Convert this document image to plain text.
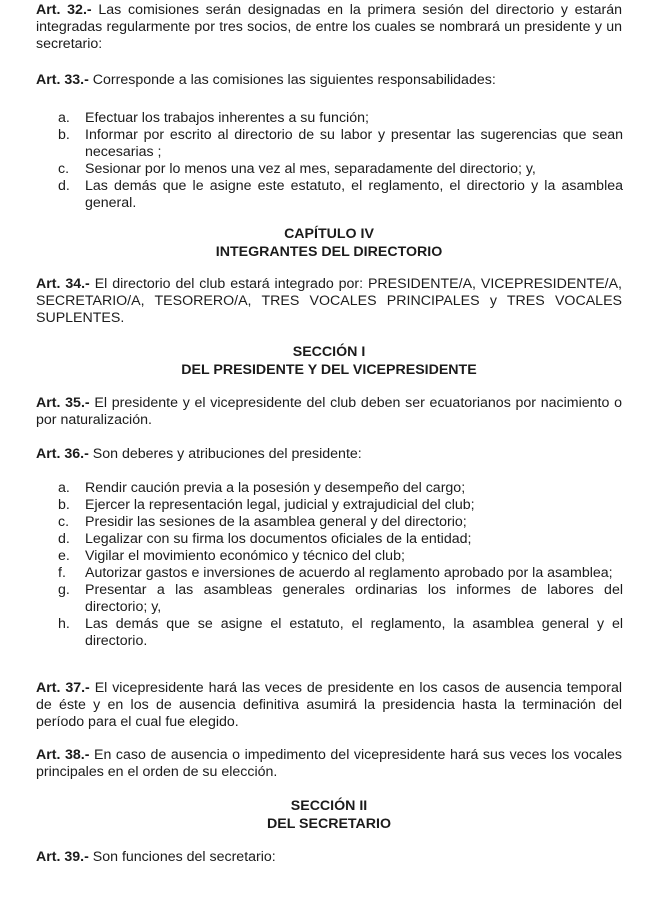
Art. 32.- Las comisiones serán designadas en la primera sesión del directorio y estarán integradas regularmente por tres socios, de entre los cuales se nombrará un presidente y un secretario:

Art. 33.- Corresponde a las comisiones las siguientes responsabilidades:

a.	Efectuar los trabajos inherentes a su función;
b.	Informar por escrito al directorio de su labor y presentar las sugerencias que sean necesarias ;
c.	Sesionar por lo menos una vez al mes, separadamente del directorio; y,
d.	Las demás que le asigne este estatuto, el reglamento, el directorio y la asamblea general.
CAPÍTULO IV
INTEGRANTES DEL DIRECTORIO

Art. 34.- El directorio del club estará integrado por: PRESIDENTE/A, VICEPRESIDENTE/A, SECRETARIO/A, TESORERO/A, TRES VOCALES PRINCIPALES y TRES VOCALES SUPLENTES.

SECCIÓN I
DEL PRESIDENTE Y DEL VICEPRESIDENTE

Art. 35.- El presidente y el vicepresidente del club deben ser ecuatorianos por nacimiento o por naturalización.

Art. 36.- Son deberes y atribuciones del presidente:

a.	Rendir caución previa a la posesión y desempeño del cargo;
b.	Ejercer la representación legal, judicial y extrajudicial del club;
c.	Presidir las sesiones de la asamblea general y del directorio;
d.	Legalizar con su firma los documentos oficiales de la entidad;
e.	Vigilar el movimiento económico y técnico del club;
f.	Autorizar gastos e inversiones de acuerdo al reglamento aprobado por la asamblea;
g.	Presentar a las asambleas generales ordinarias los informes de labores del directorio; y,
h.	Las demás que se asigne el estatuto, el reglamento, la asamblea general y el directorio.

Art. 37.- El vicepresidente hará las veces de presidente en los casos de ausencia temporal de éste y en los de ausencia definitiva asumirá la presidencia hasta la terminación del período para el cual fue elegido.

Art. 38.- En caso de ausencia o impedimento del vicepresidente hará sus veces los vocales principales en el orden de su elección.

SECCIÓN II
DEL SECRETARIO

Art. 39.- Son funciones del secretario:
